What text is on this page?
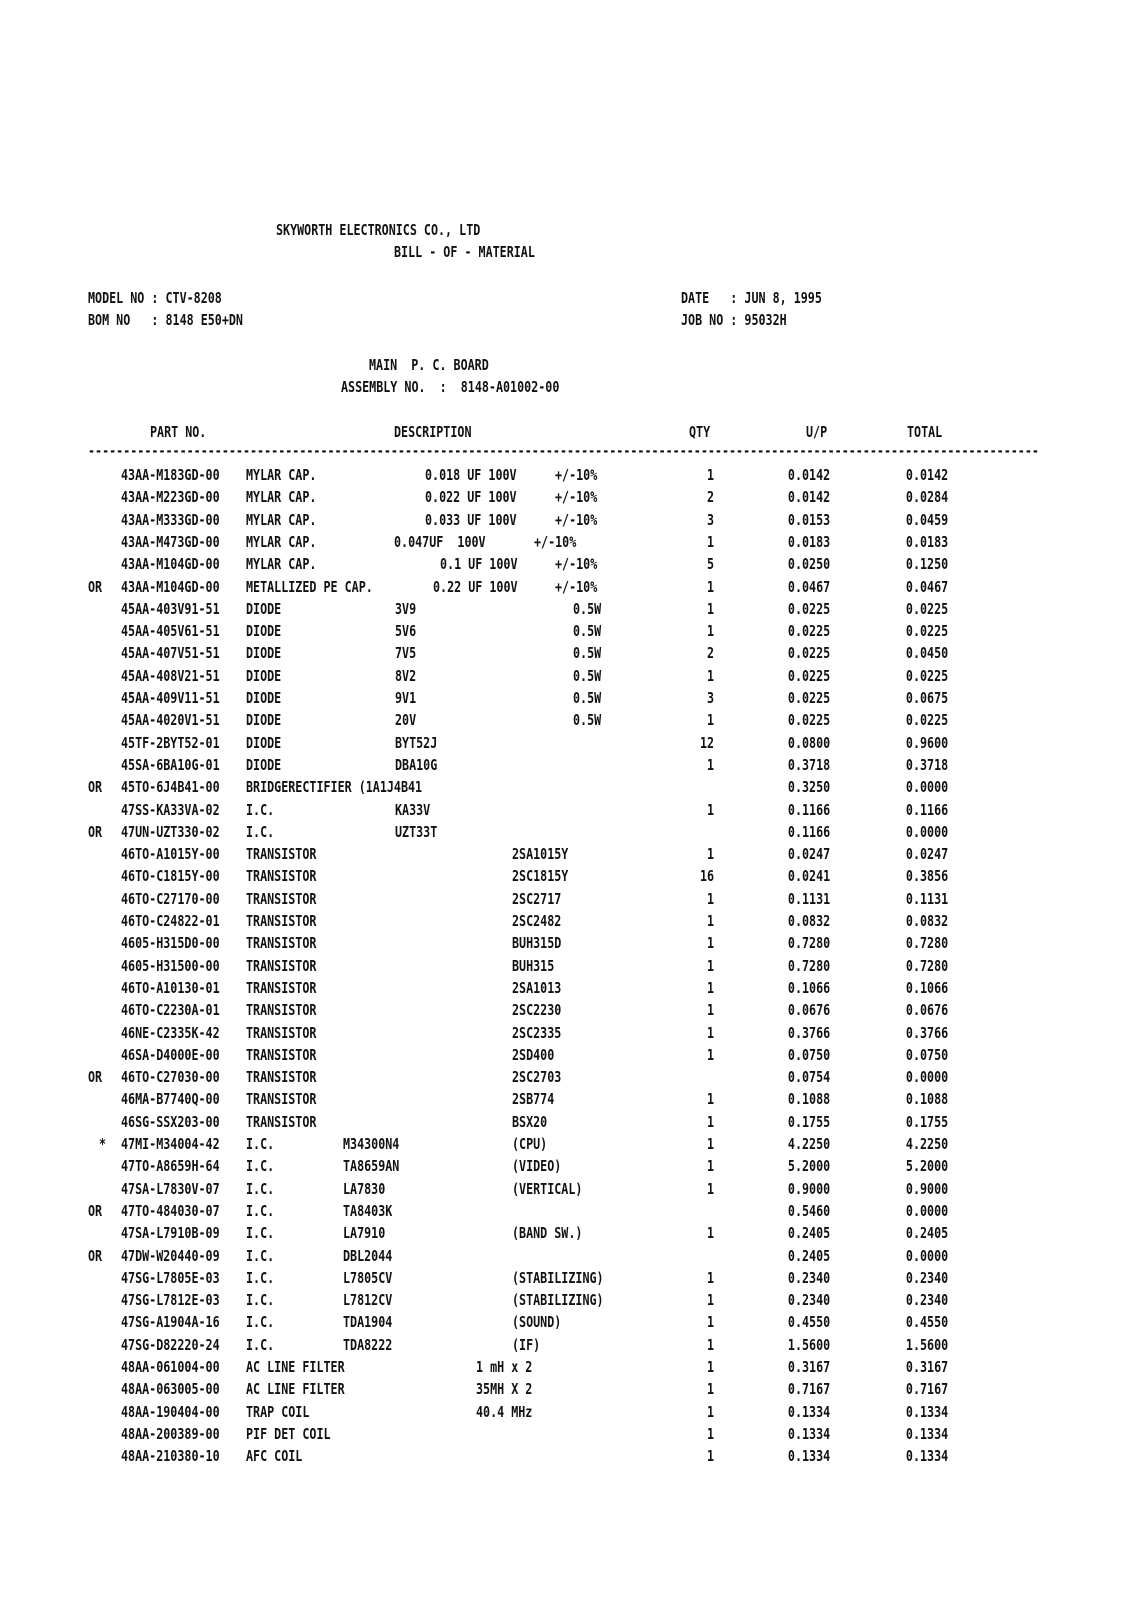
SKYWORTH ELECTRONICS CO., LTD
BILL - OF - MATERIAL
MODEL NO : CTV-8208
BOM NO   : 8148 E50+DN
DATE   : JUN 8, 1995
JOB NO : 95032H
MAIN  P. C. BOARD
ASSEMBLY NO.  :  8148-A01002-00
PART NO.	DESCRIPTION	QTY	U/P	TOTAL
---------------------------------------------------------------------------------------------------------------------------------------
43AA-M183GD-00 MYLAR CAP.	0.018 UF 100V	+/-10%	1	0.0142	0.0142
43AA-M223GD-00 MYLAR CAP.	0.022 UF 100V	+/-10%	2	0.0142	0.0284
43AA-M333GD-00 MYLAR CAP.	0.033 UF 100V	+/-10%	3	0.0153	0.0459
43AA-M473GD-00 MYLAR CAP.	0.047UF  100V	+/-10%	1	0.0183	0.0183
43AA-M104GD-00 MYLAR CAP.	0.1 UF 100V	+/-10%	5	0.0250	0.1250
OR 43AA-M104GD-00 METALLIZED PE CAP.	0.22 UF 100V +/-10%	1	0.0467	0.0467
45AA-403V91-51 DIODE	3V9	0.5W	1	0.0225	0.0225
45AA-405V61-51 DIODE	5V6	0.5W	1	0.0225	0.0225
45AA-407V51-51 DIODE	7V5	0.5W	2	0.0225	0.0450
45AA-408V21-51 DIODE	8V2	0.5W	1	0.0225	0.0225
45AA-409V11-51 DIODE	9V1	0.5W	3	0.0225	0.0675
45AA-4020V1-51 DIODE	20V	0.5W	1	0.0225	0.0225
45TF-2BYT52-01 DIODE	BYT52J	12	0.0800	0.9600
45SA-6BA10G-01 DIODE	DBA10G	1	0.3718	0.3718
OR 45TO-6J4B41-00 BRIDGERECTIFIER (1A1J4B41	0.3250	0.0000
47SS-KA33VA-02 I.C.	KA33V	1	0.1166	0.1166
OR 47UN-UZT330-02 I.C.	UZT33T	0.1166	0.0000
46TO-A1015Y-00 TRANSISTOR	2SA1015Y	1	0.0247	0.0247
46TO-C1815Y-00 TRANSISTOR	2SC1815Y	16	0.0241	0.3856
46TO-C27170-00 TRANSISTOR	2SC2717	1	0.1131	0.1131
46TO-C24822-01 TRANSISTOR	2SC2482	1	0.0832	0.0832
4605-H315D0-00 TRANSISTOR	BUH315D	1	0.7280	0.7280
4605-H31500-00 TRANSISTOR	BUH315	1	0.7280	0.7280
46TO-A10130-01 TRANSISTOR	2SA1013	1	0.1066	0.1066
46TO-C2230A-01 TRANSISTOR	2SC2230	1	0.0676	0.0676
46NE-C2335K-42 TRANSISTOR	2SC2335	1	0.3766	0.3766
46SA-D4000E-00 TRANSISTOR	2SD400	1	0.0750	0.0750
OR 46TO-C27030-00 TRANSISTOR	2SC2703	0.0754	0.0000
46MA-B7740Q-00 TRANSISTOR	2SB774	1	0.1088	0.1088
46SG-SSX203-00 TRANSISTOR	BSX20	1	0.1755	0.1755
* 47MI-M34004-42 I.C.	M34300N4	(CPU)	1	4.2250	4.2250
47TO-A8659H-64 I.C.	TA8659AN	(VIDEO)	1	5.2000	5.2000
47SA-L7830V-07 I.C.	LA7830	(VERTICAL)	1	0.9000	0.9000
OR 47TO-484030-07 I.C.	TA8403K	0.5460	0.0000
47SA-L7910B-09 I.C.	LA7910	(BAND SW.)	1	0.2405	0.2405
OR 47DW-W20440-09 I.C.	DBL2044	0.2405	0.0000
47SG-L7805E-03 I.C.	L7805CV	(STABILIZING)	1	0.2340	0.2340
47SG-L7812E-03 I.C.	L7812CV	(STABILIZING)	1	0.2340	0.2340
47SG-A1904A-16 I.C.	TDA1904	(SOUND)	1	0.4550	0.4550
47SG-D82220-24 I.C.	TDA8222	(IF)	1	1.5600	1.5600
48AA-061004-00 AC LINE FILTER	1 mH x 2	1	0.3167	0.3167
48AA-063005-00 AC LINE FILTER	35MH X 2	1	0.7167	0.7167
48AA-190404-00 TRAP COIL	40.4 MHz	1	0.1334	0.1334
48AA-200389-00 PIF DET COIL	1	0.1334	0.1334
48AA-210380-10 AFC COIL	1	0.1334	0.1334
